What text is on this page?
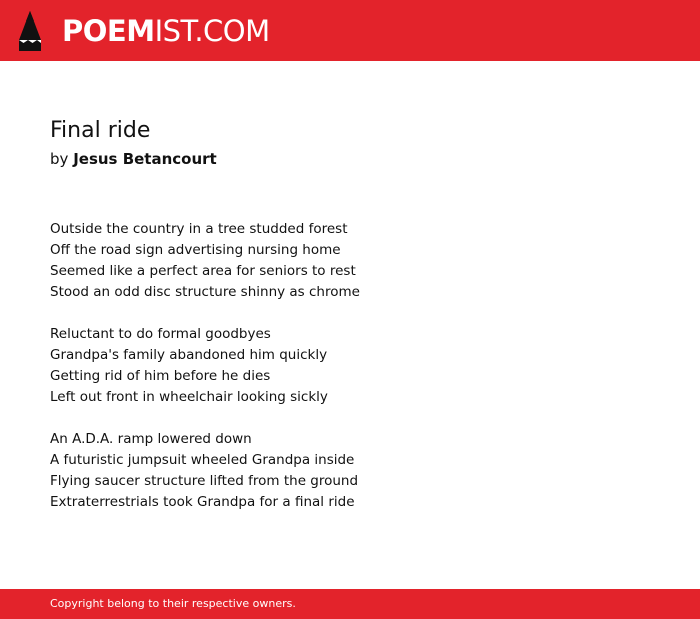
POEMIST.COM
Final ride
by Jesus Betancourt
Outside the country in a tree studded forest
Off the road sign advertising nursing home
Seemed like a perfect area for seniors to rest
Stood an odd disc structure shinny as chrome
Reluctant to do formal goodbyes
Grandpa's family abandoned him quickly
Getting rid of him before he dies
Left out front in wheelchair looking sickly
An A.D.A. ramp lowered down
A futuristic jumpsuit wheeled Grandpa inside
Flying saucer structure lifted from the ground
Extraterrestrials took Grandpa for a final ride
Copyright belong to their respective owners.
